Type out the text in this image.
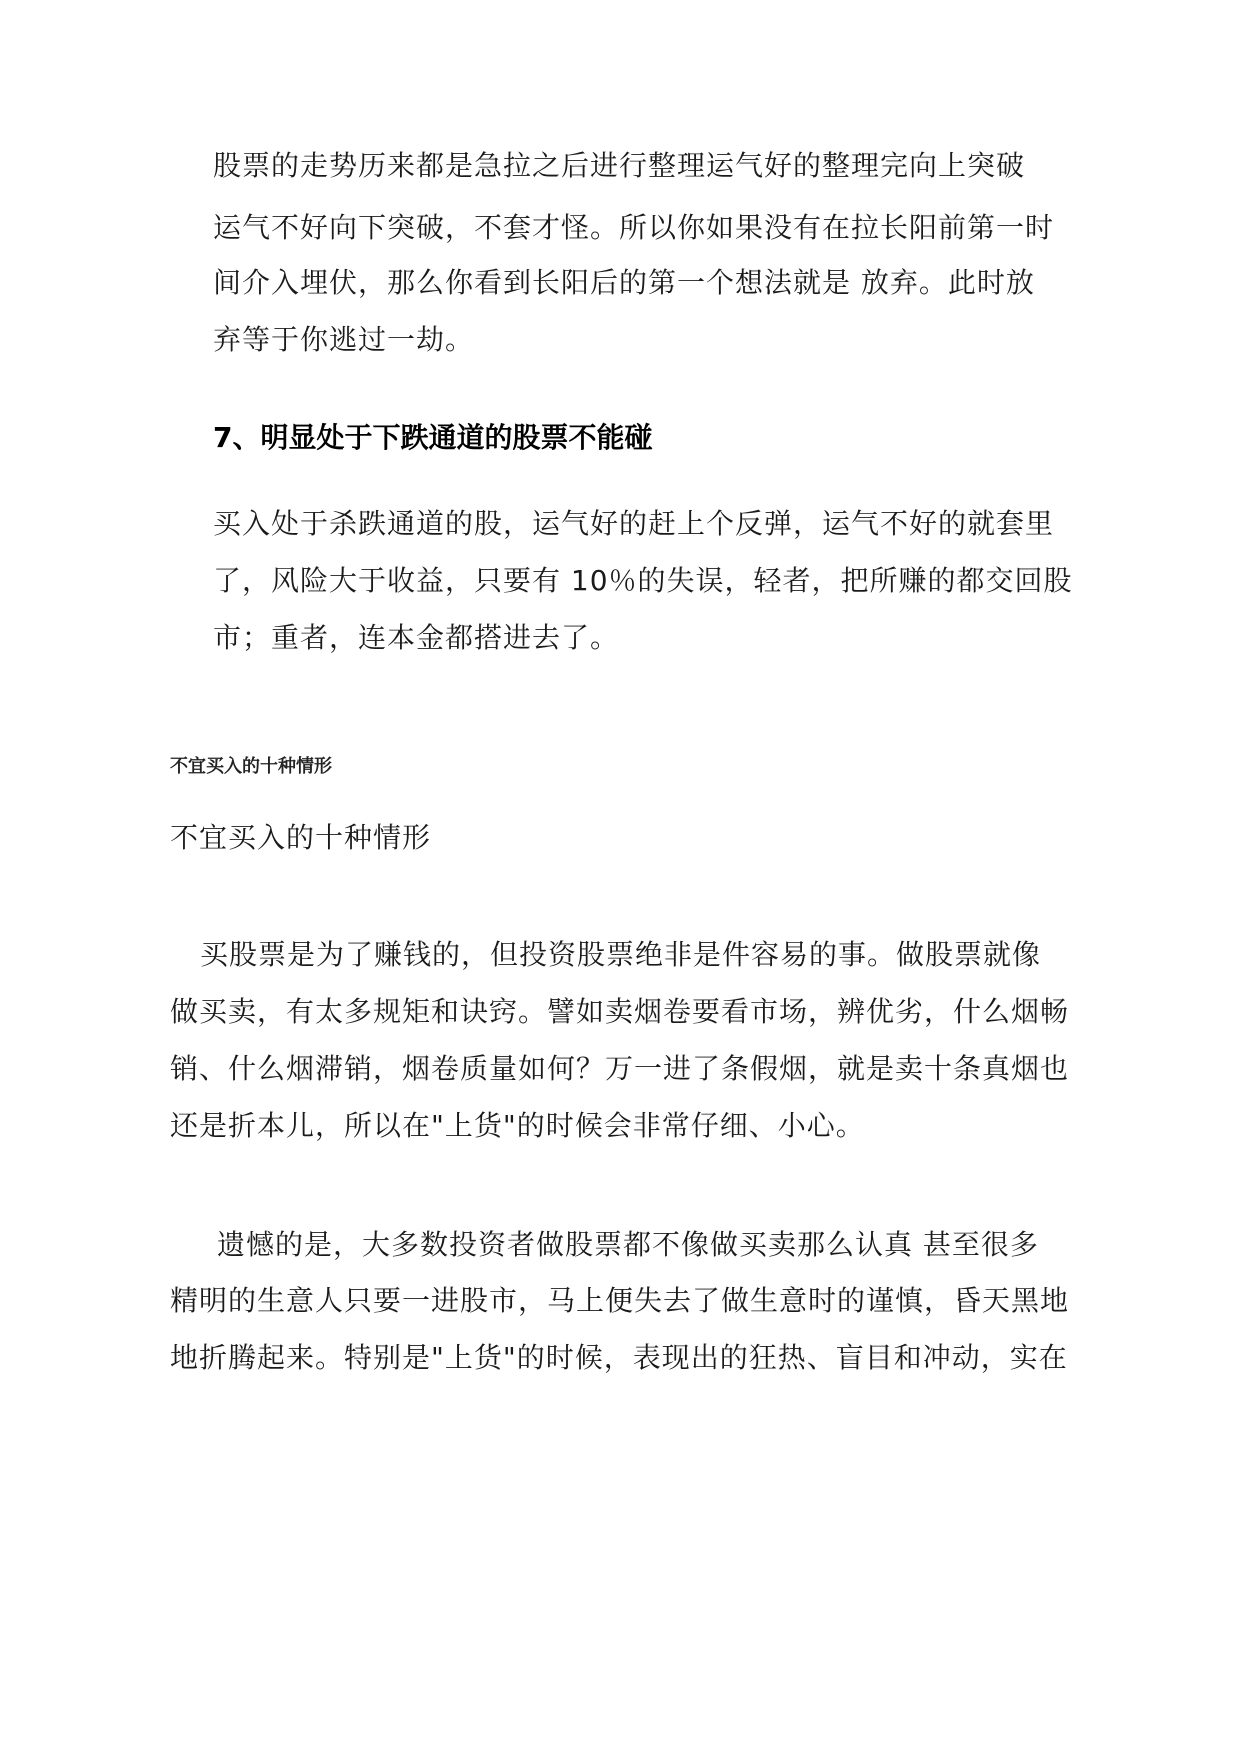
股票的走势历来都是急拉之后进行整理运气好的整理完向上突破

运气不好向下突破，不套才怪。所以你如果没有在拉长阳前第一时

间介入埋伏，那么你看到长阳后的第一个想法就是 放弃。此时放

弃等于你逃过一劫。

7、明显处于下跌通道的股票不能碰

买入处于杀跌通道的股，运气好的赶上个反弹，运气不好的就套里

了，风险大于收益，只要有 10％的失误，轻者，把所赚的都交回股

市；重者，连本金都搭进去了。

不宜买入的十种情形
不宜买入的十种情形

买股票是为了赚钱的，但投资股票绝非是件容易的事。做股票就像

做买卖，有太多规矩和诀窍。譬如卖烟卷要看市场，辨优劣，什么烟畅

销、什么烟滞销，烟卷质量如何？万一进了条假烟，就是卖十条真烟也

还是折本儿，所以在"上货"的时候会非常仔细、小心。

遗憾的是，大多数投资者做股票都不像做买卖那么认真 甚至很多

精明的生意人只要一进股市，马上便失去了做生意时的谨慎，昏天黑地

地折腾起来。特别是"上货"的时候，表现出的狂热、盲目和冲动，实在
